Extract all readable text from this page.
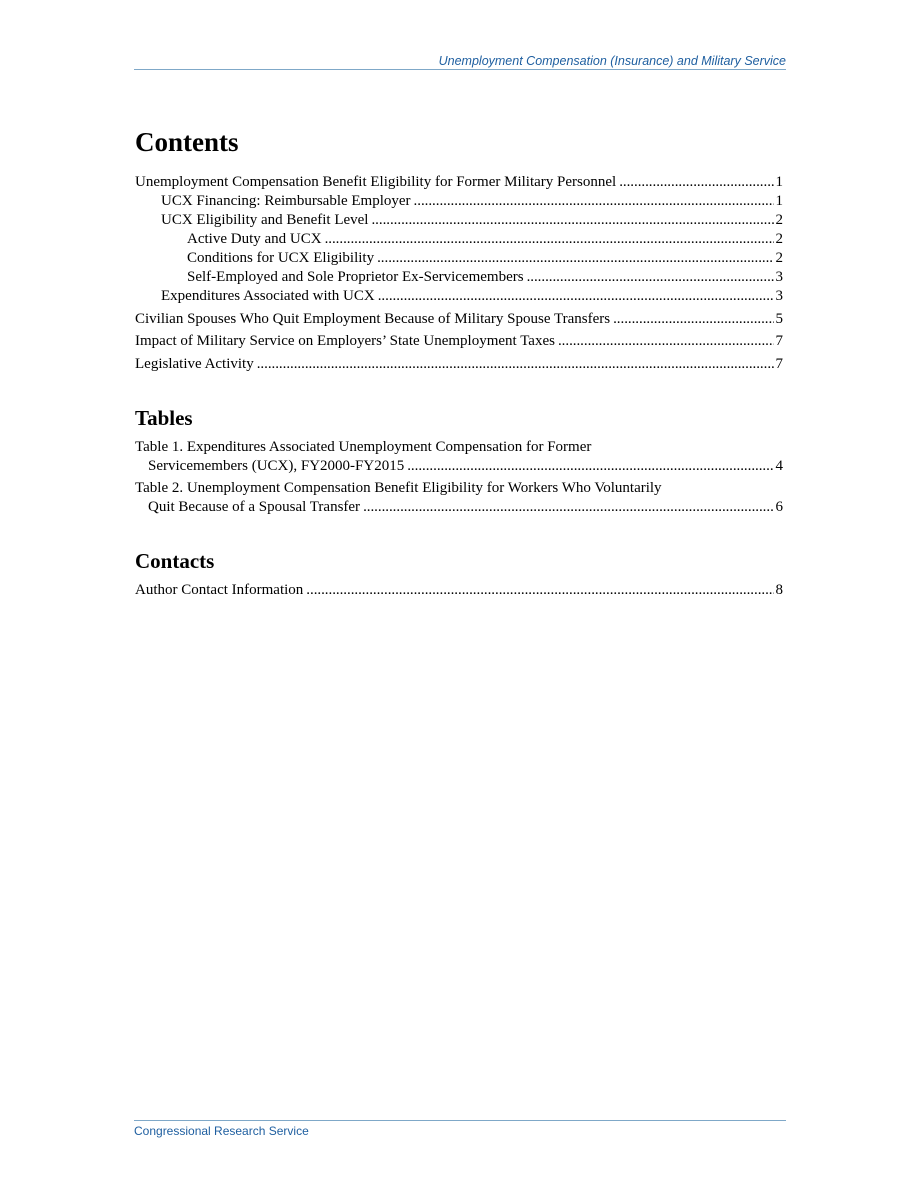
Unemployment Compensation (Insurance) and Military Service
Contents
Unemployment Compensation Benefit Eligibility for Former Military Personnel . . .	1
UCX Financing: Reimbursable Employer . . .	1
UCX Eligibility and Benefit Level . . .	2
Active Duty and UCX . . .	2
Conditions for UCX Eligibility . . .	2
Self-Employed and Sole Proprietor Ex-Servicemembers . . .	3
Expenditures Associated with UCX . . .	3
Civilian Spouses Who Quit Employment Because of Military Spouse Transfers . . .	5
Impact of Military Service on Employers’ State Unemployment Taxes . . .	7
Legislative Activity . . .	7
Tables
Table 1. Expenditures Associated Unemployment Compensation for Former
Servicemembers (UCX), FY2000-FY2015 . . .	4
Table 2. Unemployment Compensation Benefit Eligibility for Workers Who Voluntarily
Quit Because of a Spousal Transfer . . .	6
Contacts
Author Contact Information . . .	8
Congressional Research Service
